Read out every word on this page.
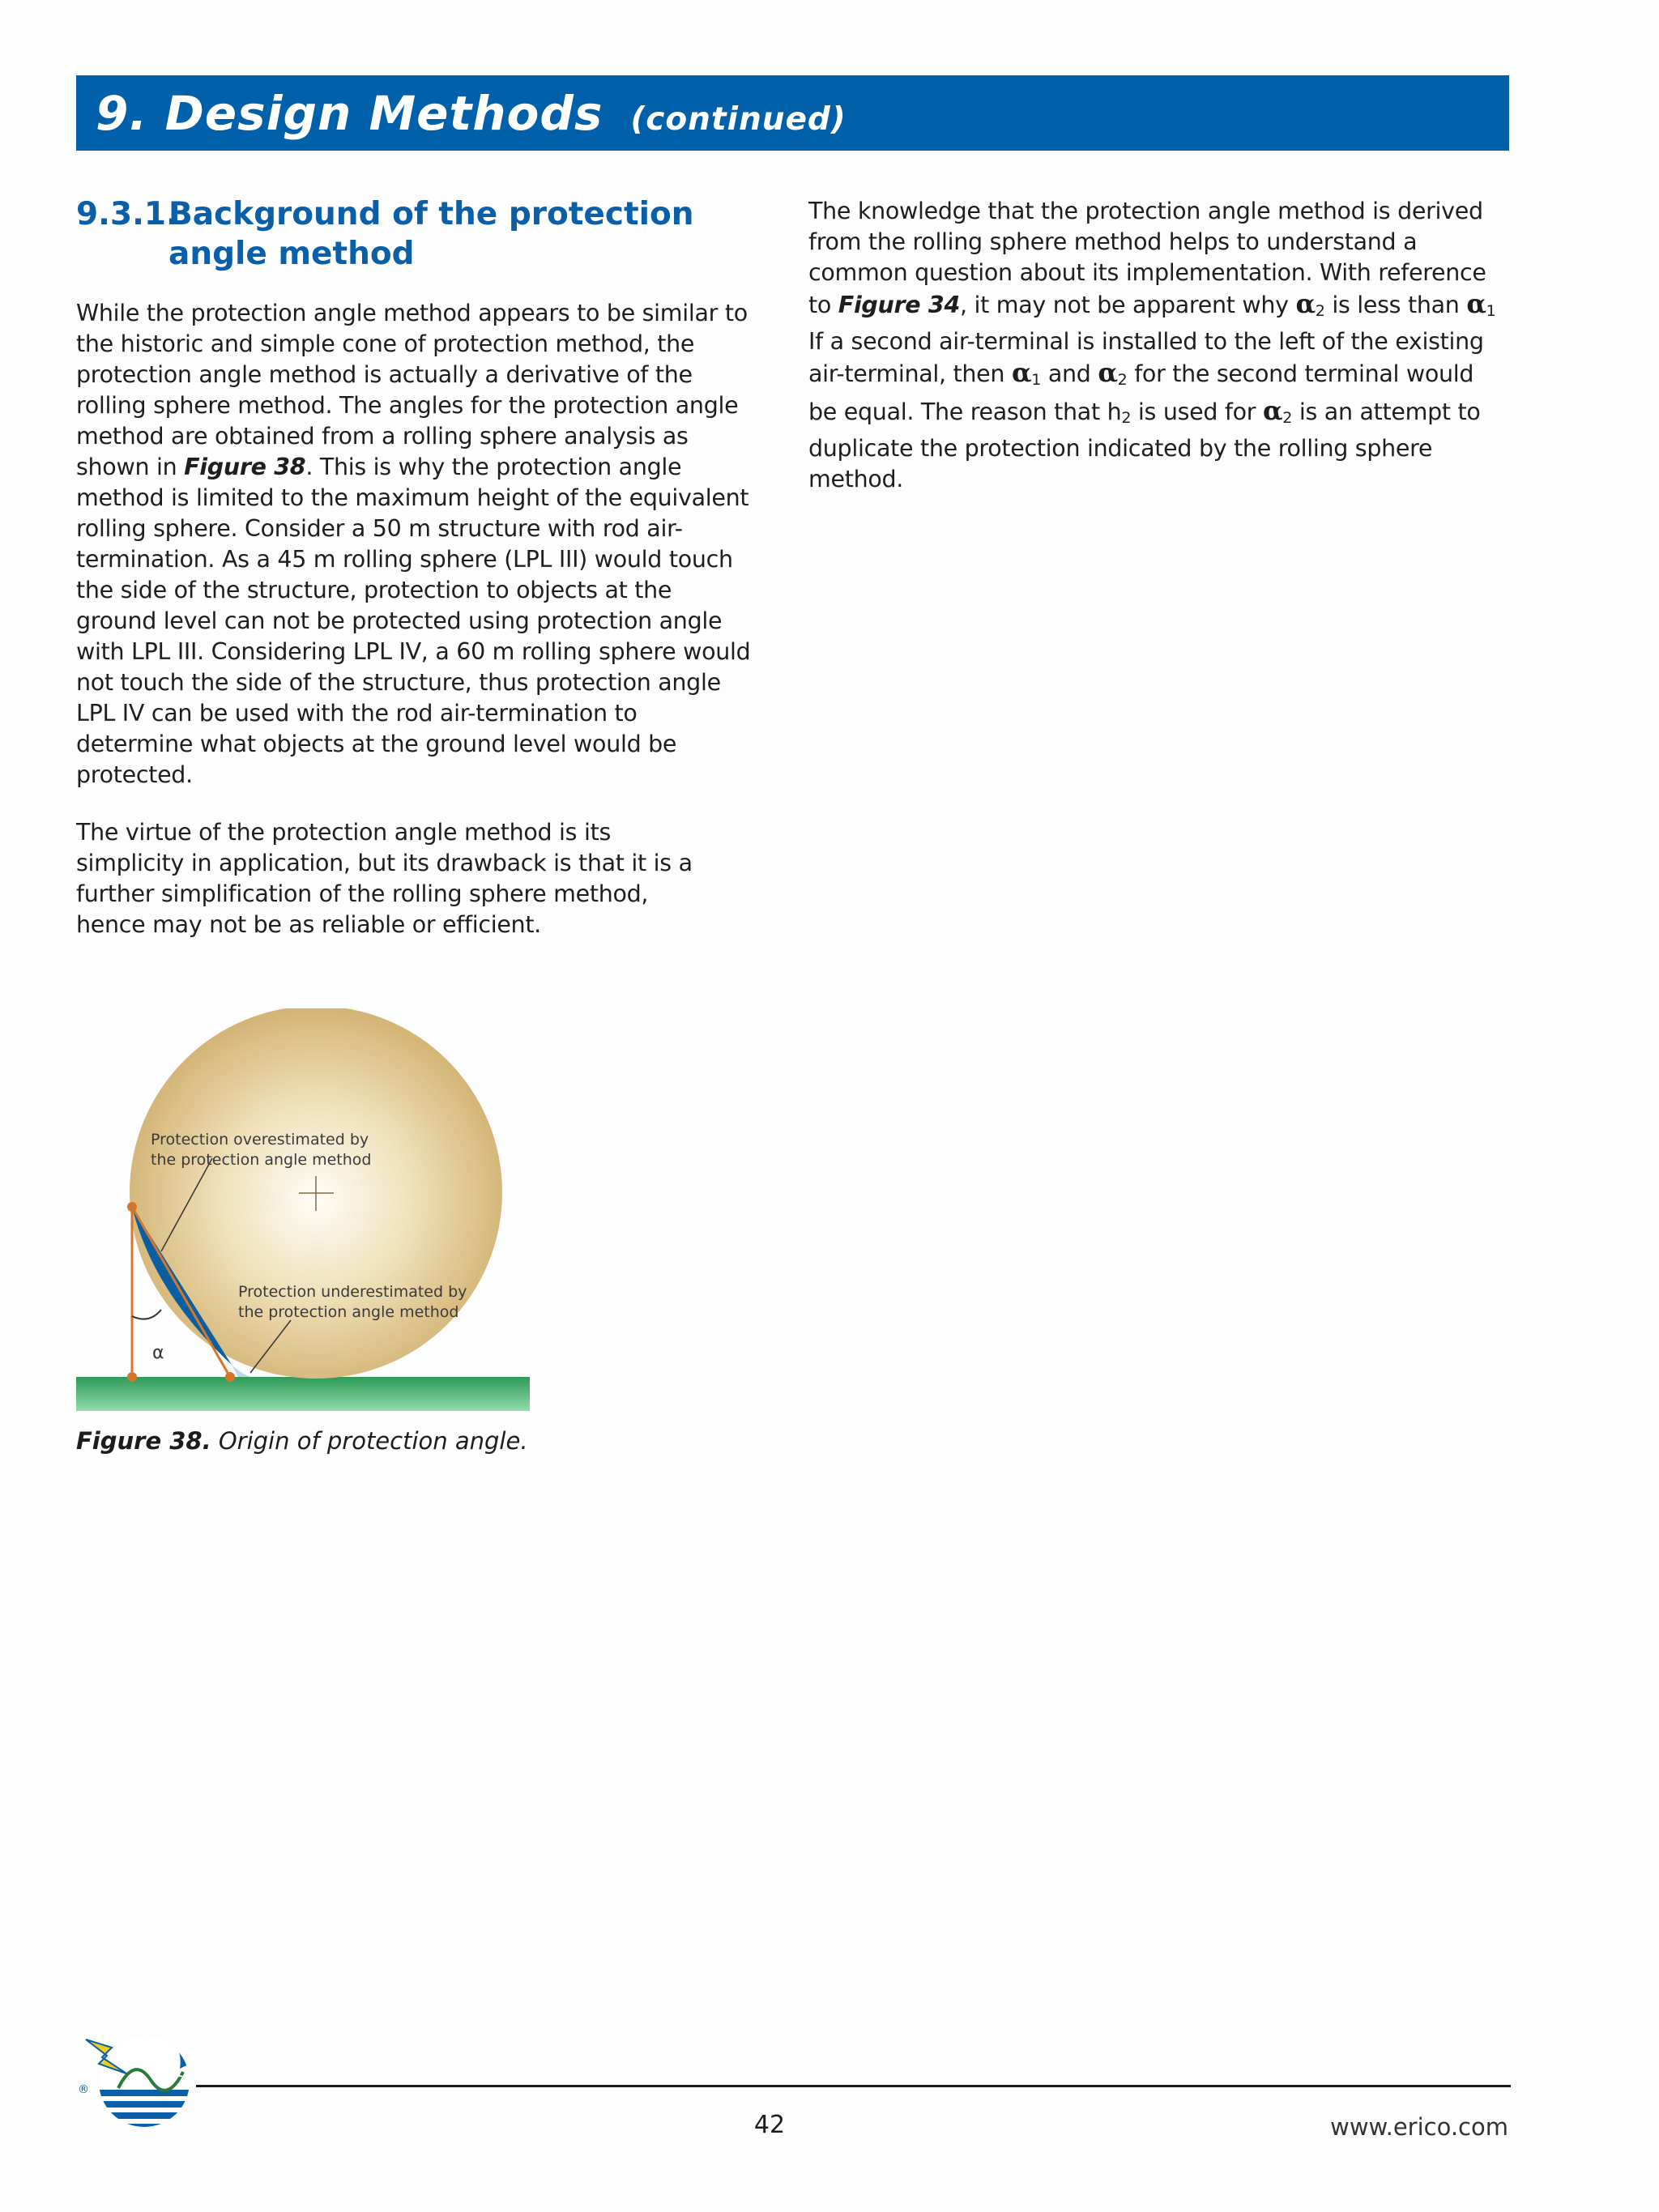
9. Design Methods (continued)
9.3.1.Background of the protection
angle method

While the protection angle method appears to be similar to the historic and simple cone of protection method, the protection angle method is actually a derivative of the rolling sphere method. The angles for the protection angle method are obtained from a rolling sphere analysis as shown in Figure 38. This is why the protection angle method is limited to the maximum height of the equivalent rolling sphere. Consider a 50 m structure with rod air-termination. As a 45 m rolling sphere (LPL III) would touch the side of the structure, protection to objects at the ground level can not be protected using protection angle with LPL III. Considering LPL IV, a 60 m rolling sphere would not touch the side of the structure, thus protection angle LPL IV can be used with the rod air-termination to determine what objects at the ground level would be protected.

The virtue of the protection angle method is its simplicity in application, but its drawback is that it is a further simplification of the rolling sphere method, hence may not be as reliable or efficient.

The knowledge that the protection angle method is derived from the rolling sphere method helps to understand a common question about its implementation. With reference to Figure 34, it may not be apparent why $\alpha_2$ is less than $\alpha_1$ If a second air-terminal is installed to the left of the existing air-terminal, then $\alpha_1$ and $\alpha_2$ for the second terminal would be equal. The reason that $h_2$ is used for $\alpha_2$ is an attempt to duplicate the protection indicated by the rolling sphere method.

α
Protection overestimated by
the protection angle method
Protection underestimated by
the protection angle method
Figure 38. Origin of protection angle.
ERITECH
®
42	www.erico.com
